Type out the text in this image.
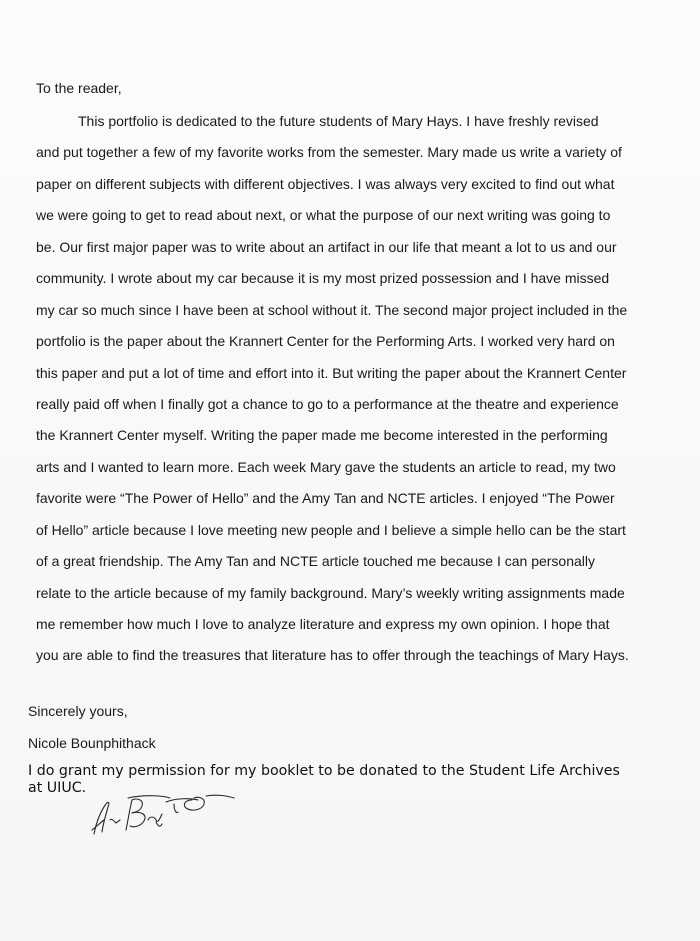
To the reader,
This portfolio is dedicated to the future students of Mary Hays. I have freshly revised
and put together a few of my favorite works from the semester. Mary made us write a variety of
paper on different subjects with different objectives. I was always very excited to find out what
we were going to get to read about next, or what the purpose of our next writing was going to
be. Our first major paper was to write about an artifact in our life that meant a lot to us and our
community. I wrote about my car because it is my most prized possession and I have missed
my car so much since I have been at school without it. The second major project included in the
portfolio is the paper about the Krannert Center for the Performing Arts. I worked very hard on
this paper and put a lot of time and effort into it. But writing the paper about the Krannert Center
really paid off when I finally got a chance to go to a performance at the theatre and experience
the Krannert Center myself. Writing the paper made me become interested in the performing
arts and I wanted to learn more. Each week Mary gave the students an article to read, my two
favorite were “The Power of Hello” and the Amy Tan and NCTE articles. I enjoyed “The Power
of Hello” article because I love meeting new people and I believe a simple hello can be the start
of a great friendship. The Amy Tan and NCTE article touched me because I can personally
relate to the article because of my family background. Mary’s weekly writing assignments made
me remember how much I love to analyze literature and express my own opinion. I hope that
you are able to find the treasures that literature has to offer through the teachings of Mary Hays.
Sincerely yours,
Nicole Bounphithack
I do grant my permission for my booklet to be donated to the Student Life Archives
at UIUC.
